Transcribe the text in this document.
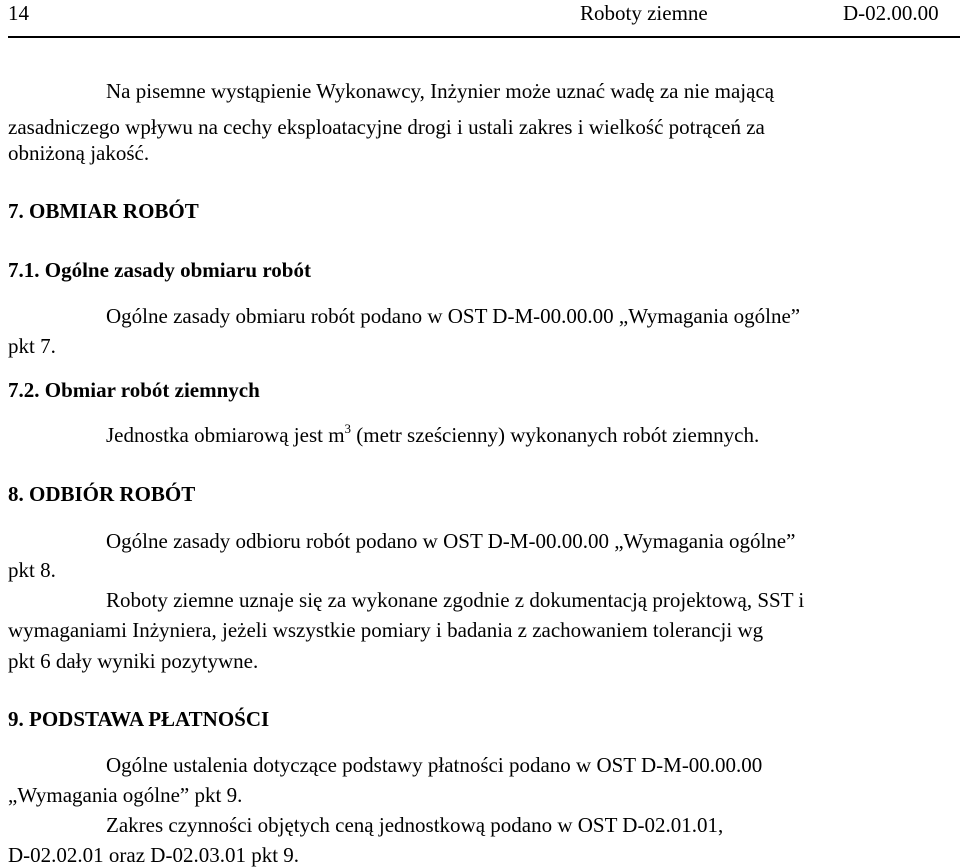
14	Roboty ziemne	D-02.00.00
Na pisemne wystąpienie Wykonawcy, Inżynier może uznać wadę za nie mającą
zasadniczego wpływu na cechy eksploatacyjne drogi i ustali zakres i wielkość potrąceń za
obniżoną jakość.
7. OBMIAR ROBÓT
7.1. Ogólne zasady obmiaru robót
Ogólne zasady obmiaru robót podano w OST D-M-00.00.00 „Wymagania ogólne”
pkt 7.
7.2. Obmiar robót ziemnych
Jednostka obmiarową jest $m^3$ (metr sześcienny) wykonanych robót ziemnych.
8. ODBIÓR ROBÓT
Ogólne zasady odbioru robót podano w OST D-M-00.00.00 „Wymagania ogólne”
pkt 8.
Roboty ziemne uznaje się za wykonane zgodnie z dokumentacją projektową, SST i
wymaganiami Inżyniera, jeżeli wszystkie pomiary i badania z zachowaniem tolerancji wg
pkt 6 dały wyniki pozytywne.
9. PODSTAWA PŁATNOŚCI
Ogólne ustalenia dotyczące podstawy płatności podano w OST D-M-00.00.00
„Wymagania ogólne” pkt 9.
Zakres czynności objętych ceną jednostkową podano w OST D-02.01.01,
D-02.02.01 oraz D-02.03.01 pkt 9.
